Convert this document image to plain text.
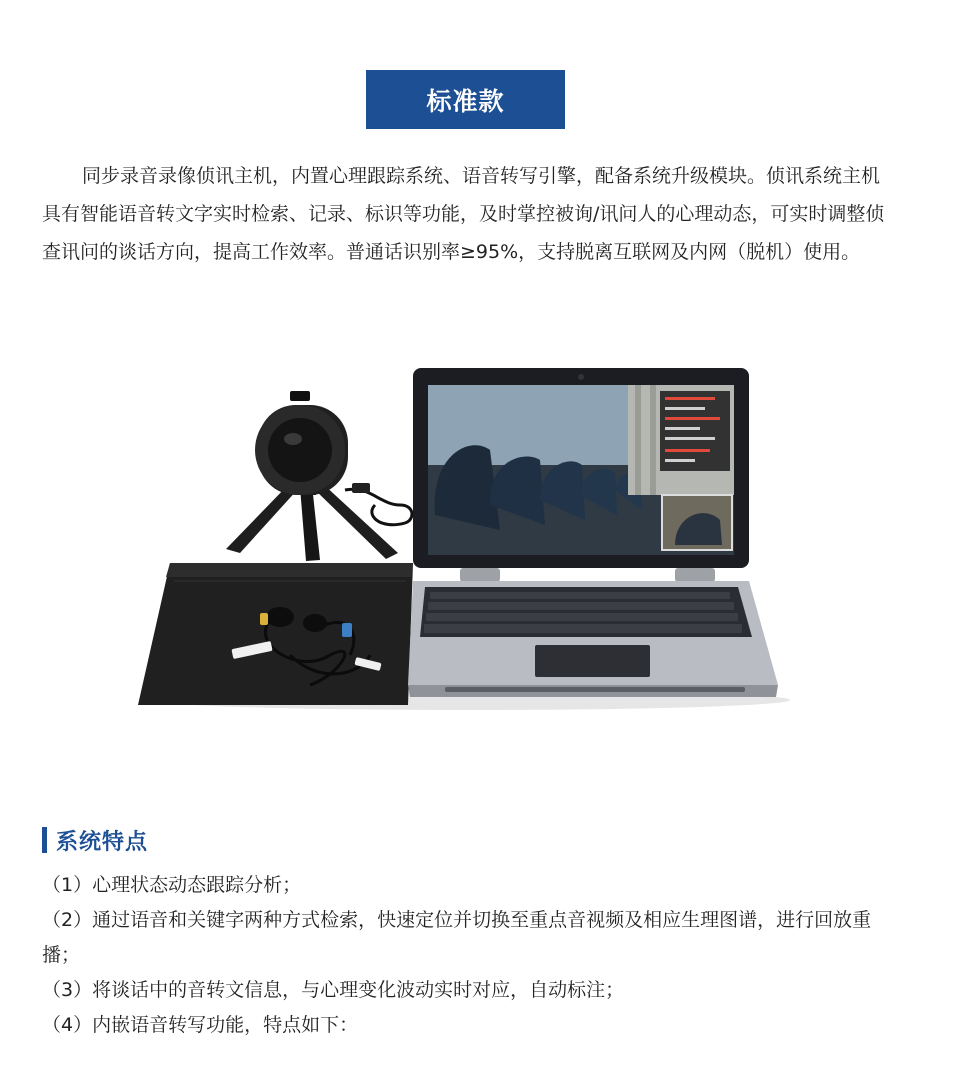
标准款

同步录音录像侦讯主机，内置心理跟踪系统、语音转写引擎，配备系统升级模块。侦讯系统主机具有智能语音转文字实时检索、记录、标识等功能，及时掌控被询/讯问人的心理动态，可实时调整侦查讯问的谈话方向，提高工作效率。普通话识别率≥95%，支持脱离互联网及内网（脱机）使用。

系统特点
（1）心理状态动态跟踪分析；
（2）通过语音和关键字两种方式检索，快速定位并切换至重点音视频及相应生理图谱，进行回放重播；
（3）将谈话中的音转文信息，与心理变化波动实时对应，自动标注；
（4）内嵌语音转写功能，特点如下：
